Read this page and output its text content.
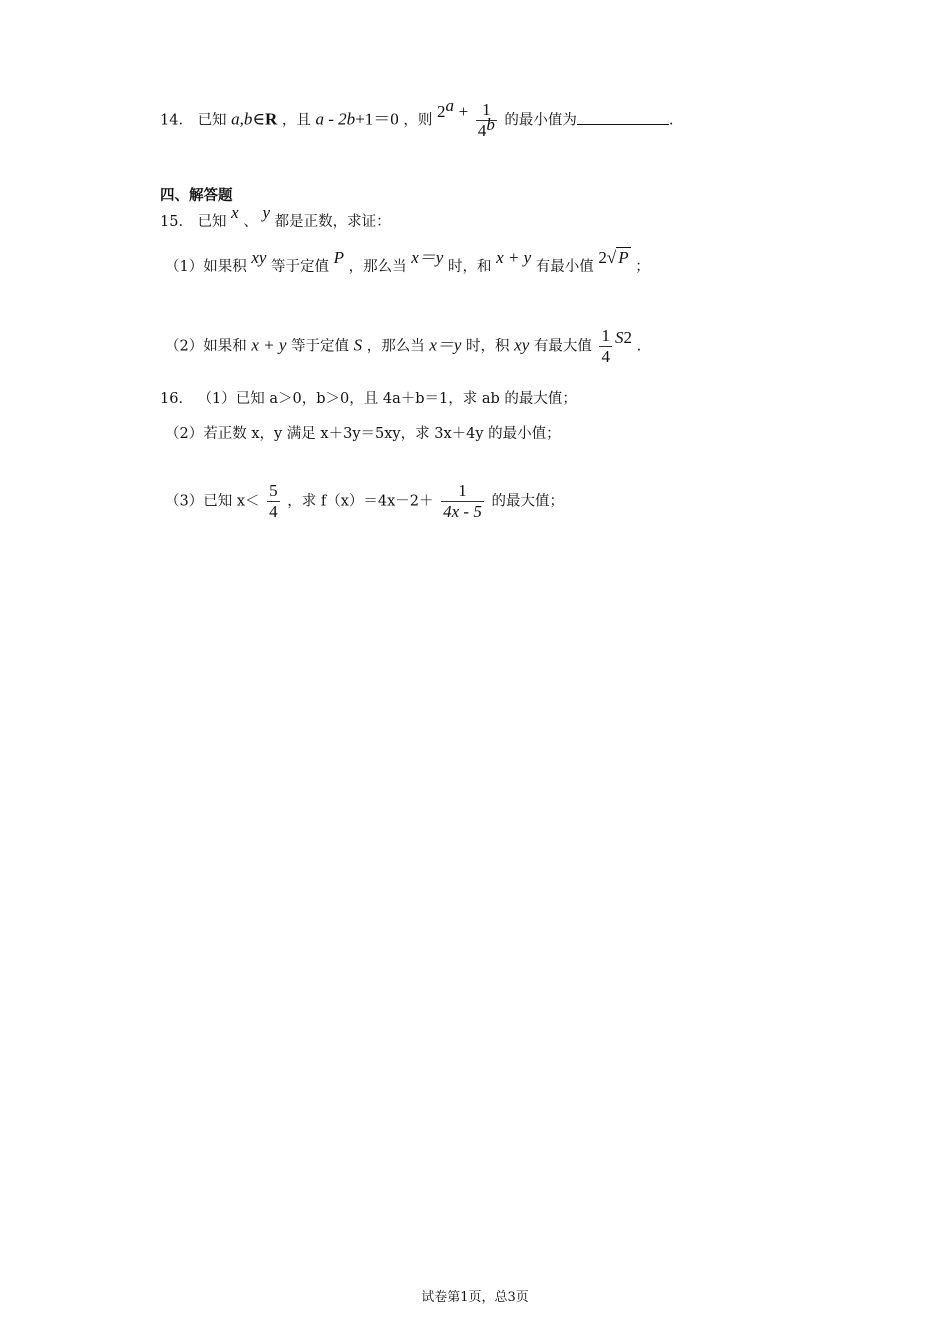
14． 已知 a,b∈R ，且 a - 2b+1＝0 ，则 $2^a + \frac{1}{4^b}$ 的最小值为	.
四、解答题
15． 已知 x 、 y 都是正数，求证：
（1）如果积 xy 等于定值 P ，那么当 x＝y 时，和 x + y 有最小值 2√ P ；
（2）如果和 x + y 等于定值 S ，那么当 x＝y 时，积 xy 有最大值 $\frac{1}{4} S^2$ .
16． （1）已知 a＞0，b＞0，且 4a＋b＝1，求 ab 的最大值；
（2）若正数 x，y 满足 x＋3y＝5xy，求 3x＋4y 的最小值；
（3）已知 $x< \frac{5}{4}$ ，求 $f(x)=4x-2+ \frac{1}{4x - 5}$ 的最大值；
试卷第1页，总3页
